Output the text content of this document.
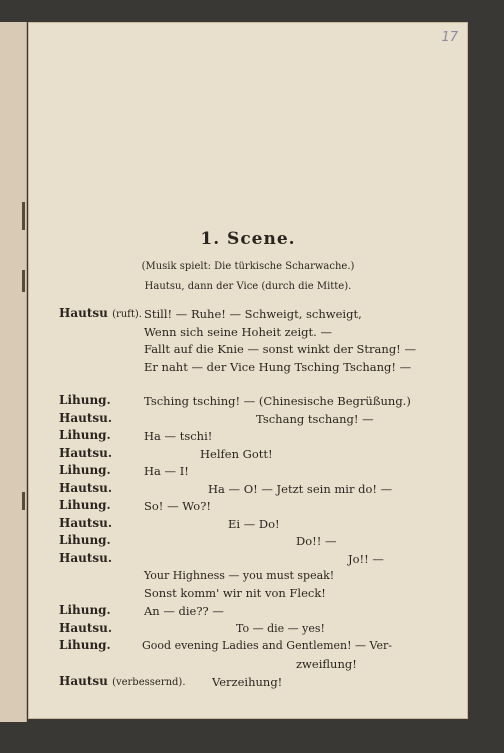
17
1. Scene.
(Musik spielt: Die türkische Scharwache.)
Hautsu, dann der Vice (durch die Mitte).
Hautsu (ruft).
Lihung.
Hautsu.
Lihung.
Hautsu.
Lihung.
Hautsu.
Lihung.
Hautsu.
Lihung.
Hautsu.
Lihung.
Hautsu.
Lihung.
Hautsu (verbessernd).
Still! — Ruhe! — Schweigt, schweigt,
Wenn sich seine Hoheit zeigt. —
Fallt auf die Knie — sonst winkt der Strang! —
Er naht — der Vice Hung Tsching Tschang! —
Tsching tsching! — (Chinesische Begrüßung.)
Tschang tschang! —
Ha — tschi!
Helfen Gott!
Ha — I!
Ha — O! — Jetzt sein mir do! —
So! — Wo?!
Ei — Do!
Do!! —
Jo!! —
Your Highness — you must speak!
Sonst komm' wir nit von Fleck!
An — die?? —
To — die — yes!
Good evening Ladies and Gentlemen! — Ver-
zweiflung!
Verzeihung!
